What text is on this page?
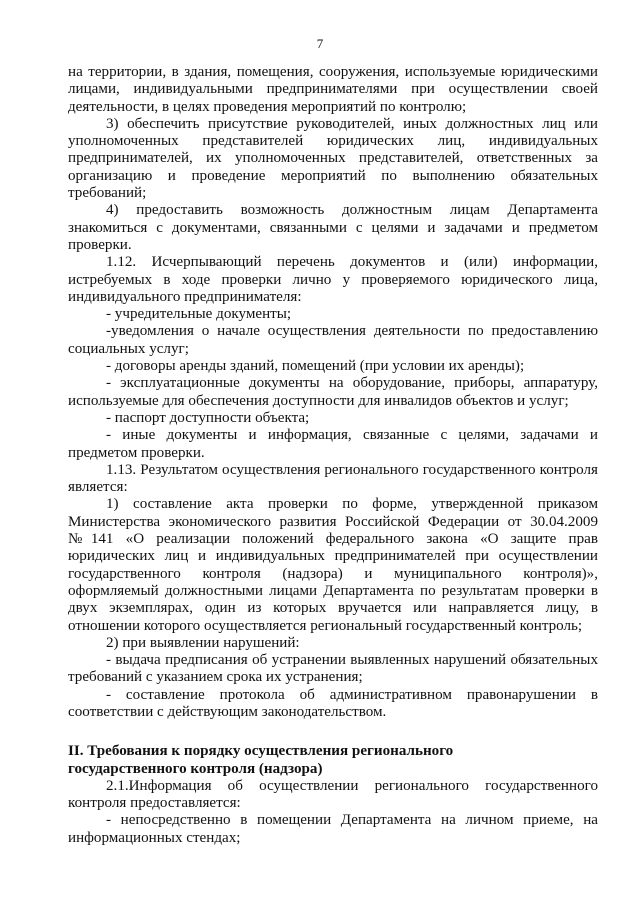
7

на территории, в здания, помещения, сооружения, используемые юридическими лицами, индивидуальными предпринимателями при осуществлении своей деятельности, в целях проведения мероприятий по контролю;

3) обеспечить присутствие руководителей, иных должностных лиц или уполномоченных представителей юридических лиц, индивидуальных предпринимателей, их уполномоченных представителей, ответственных за организацию и проведение мероприятий по выполнению обязательных требований;

4) предоставить возможность должностным лицам Департамента знакомиться с документами, связанными с целями и задачами и предметом проверки.

1.12. Исчерпывающий перечень документов и (или) информации, истребуемых в ходе проверки лично у проверяемого юридического лица, индивидуального предпринимателя:

- учредительные документы;

-уведомления о начале осуществления деятельности по предоставлению социальных услуг;

- договоры аренды зданий, помещений (при условии их аренды);

- эксплуатационные документы на оборудование, приборы, аппаратуру, используемые для обеспечения доступности для инвалидов объектов и услуг;

- паспорт доступности объекта;

- иные документы и информация, связанные с целями, задачами и предметом проверки.

1.13. Результатом осуществления регионального государственного контроля является:

1) составление акта проверки по форме, утвержденной приказом Министерства экономического развития Российской Федерации от 30.04.2009 №141 «О реализации положений федерального закона «О защите прав юридических лиц и индивидуальных предпринимателей при осуществлении государственного контроля (надзора) и муниципального контроля)», оформляемый должностными лицами Департамента по результатам проверки в двух экземплярах, один из которых вручается или направляется лицу, в отношении которого осуществляется региональный государственный контроль;

2) при выявлении нарушений:

- выдача предписания об устранении выявленных нарушений обязательных требований с указанием срока их устранения;

- составление протокола об административном правонарушении в соответствии с действующим законодательством.

II. Требования к порядку осуществления регионального

государственного контроля (надзора)

2.1.Информация об осуществлении регионального государственного контроля предоставляется:

- непосредственно в помещении Департамента на личном приеме, на информационных стендах;
